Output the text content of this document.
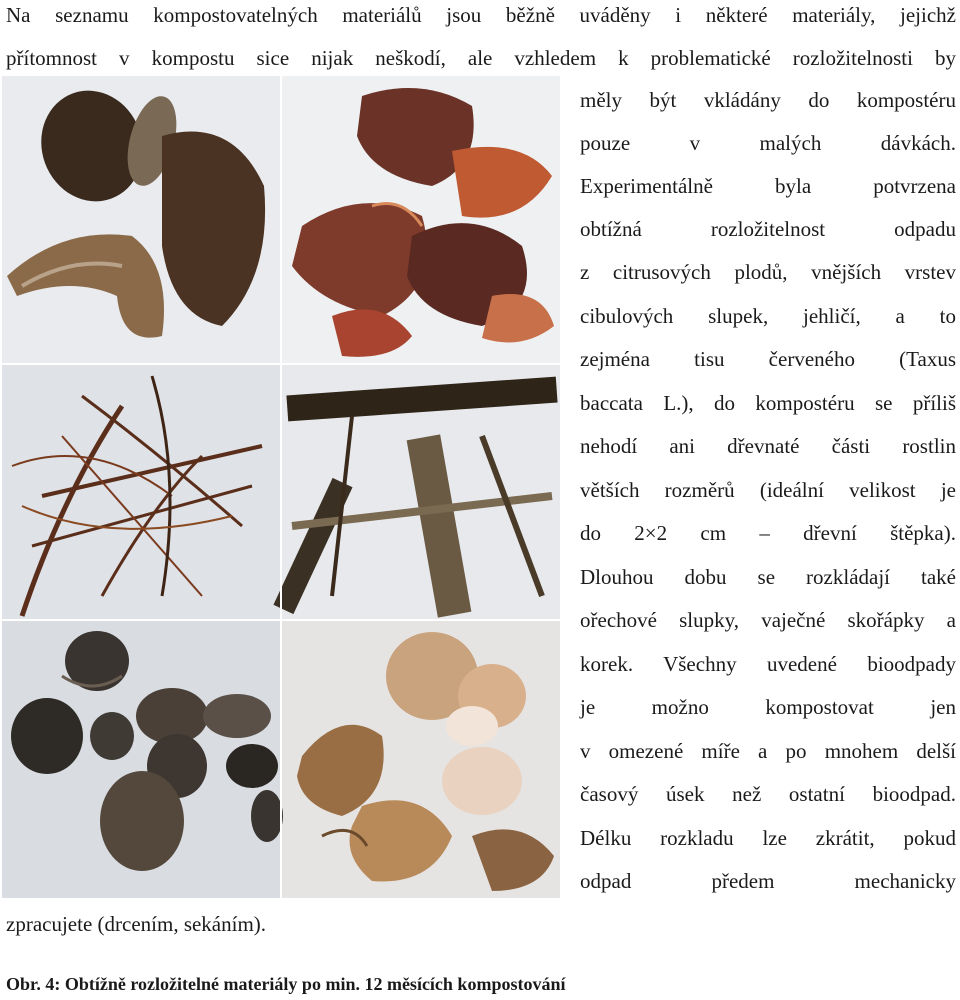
Na seznamu kompostovatelných materiálů jsou běžně uváděny i některé materiály, jejichž
přítomnost v kompostu sice nijak neškodí, ale vzhledem k problematické rozložitelnosti by
měly být vkládány do kompostéru
pouze v malých dávkách.
Experimentálně byla potvrzena
obtížná rozložitelnost odpadu
z citrusových plodů, vnějších vrstev
cibulových slupek, jehličí, a to
zejména tisu červeného (Taxus
baccata L.), do kompostéru se příliš
nehodí ani dřevnaté části rostlin
větších rozměrů (ideální velikost je
do 2×2 cm – dřevní štěpka).
Dlouhou dobu se rozkládají také
ořechové slupky, vaječné skořápky a
korek. Všechny uvedené bioodpady
je možno kompostovat jen
v omezené míře a po mnohem delší
časový úsek než ostatní bioodpad.
Délku rozkladu lze zkrátit, pokud
odpad předem mechanicky
zpracujete (drcením, sekáním).
Obr. 4: Obtížně rozložitelné materiály po min. 12 měsících kompostování
